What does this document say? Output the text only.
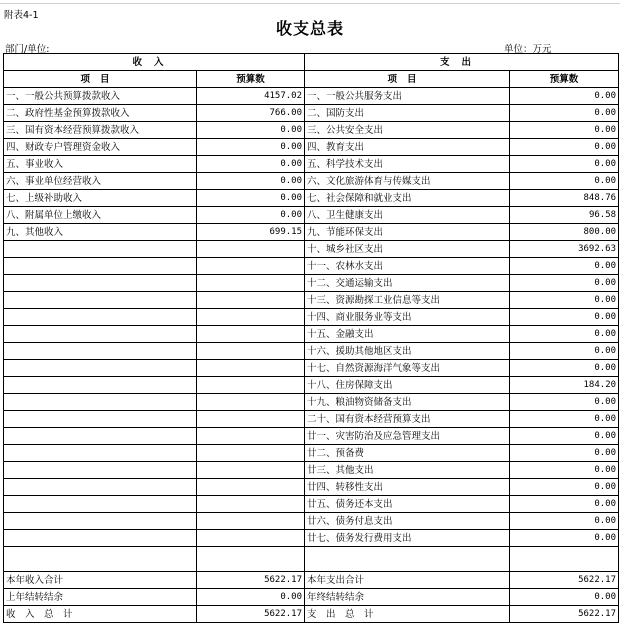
附表4-1
收支总表
部门/单位:	单位：万元
收入		支出	
项目	预算数	项目	预算数
一、一般公共预算拨款收入	4157.02	一、一般公共服务支出	0.00
二、政府性基金预算拨款收入	766.00	二、国防支出	0.00
三、国有资本经营预算拨款收入	0.00	三、公共安全支出	0.00
四、财政专户管理资金收入	0.00	四、教育支出	0.00
五、事业收入	0.00	五、科学技术支出	0.00
六、事业单位经营收入	0.00	六、文化旅游体育与传媒支出	0.00
七、上级补助收入	0.00	七、社会保障和就业支出	848.76
八、附属单位上缴收入	0.00	八、卫生健康支出	96.58
九、其他收入	699.15	九、节能环保支出	800.00
		十、城乡社区支出	3692.63
		十一、农林水支出	0.00
		十二、交通运输支出	0.00
		十三、资源勘探工业信息等支出	0.00
		十四、商业服务业等支出	0.00
		十五、金融支出	0.00
		十六、援助其他地区支出	0.00
		十七、自然资源海洋气象等支出	0.00
		十八、住房保障支出	184.20
		十九、粮油物资储备支出	0.00
		二十、国有资本经营预算支出	0.00
		廿一、灾害防治及应急管理支出	0.00
		廿二、预备费	0.00
		廿三、其他支出	0.00
		廿四、转移性支出	0.00
		廿五、债务还本支出	0.00
		廿六、债务付息支出	0.00
		廿七、债务发行费用支出	0.00

本年收入合计	5622.17	本年支出合计	5622.17
上年结转结余	0.00	年终结转结余	0.00
收　入　总　计	5622.17	支　出　总　计	5622.17
